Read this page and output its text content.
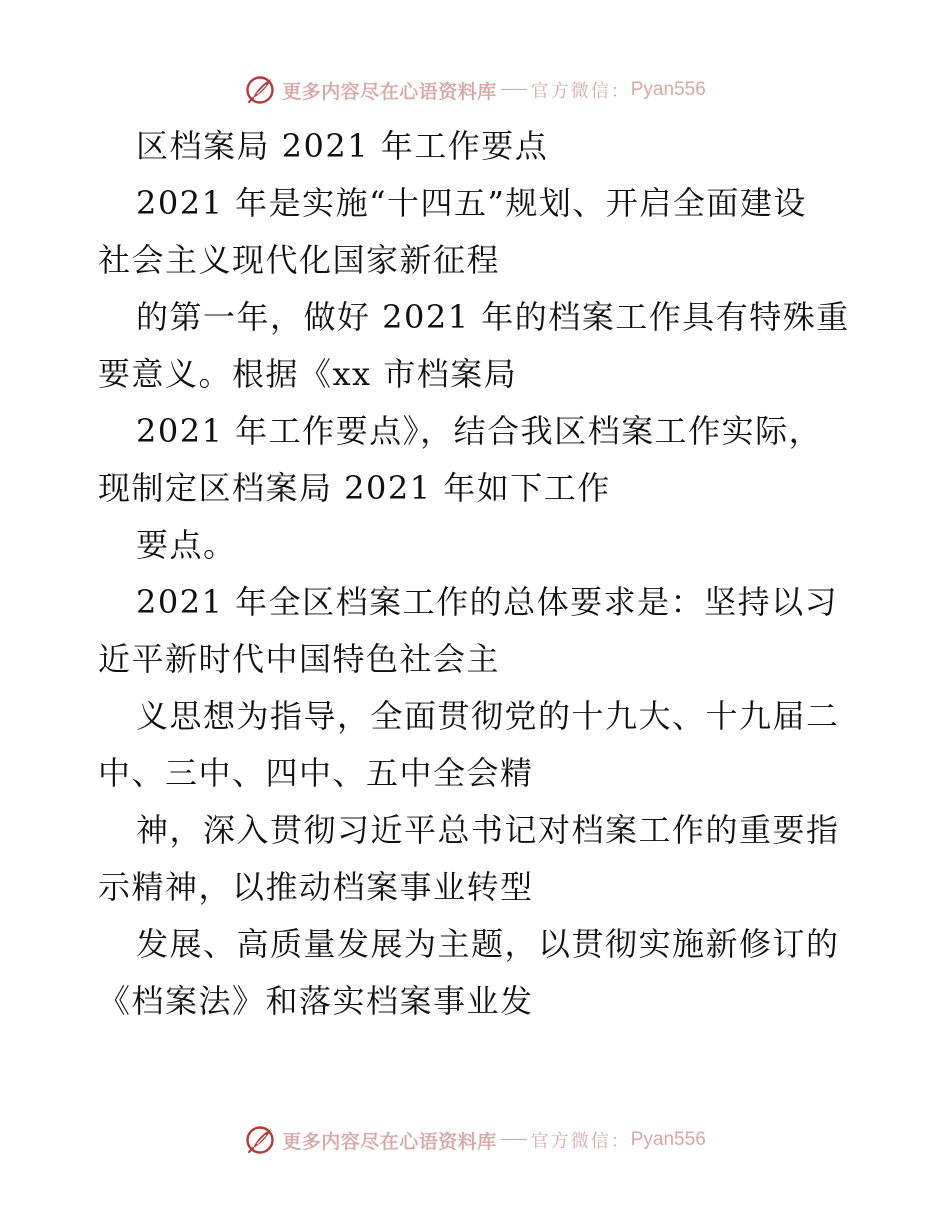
更多内容尽在心语资料库 官方微信： Pyan556
区档案局 2021 年工作要点
2021 年是实施“十四五”规划、开启全面建设
社会主义现代化国家新征程
的第一年，做好 2021 年的档案工作具有特殊重
要意义。根据《xx 市档案局
2021 年工作要点》，结合我区档案工作实际，
现制定区档案局 2021 年如下工作
要点。
2021 年全区档案工作的总体要求是：坚持以习
近平新时代中国特色社会主
义思想为指导，全面贯彻党的十九大、十九届二
中、三中、四中、五中全会精
神，深入贯彻习近平总书记对档案工作的重要指
示精神，以推动档案事业转型
发展、高质量发展为主题，以贯彻实施新修订的
《档案法》和落实档案事业发
更多内容尽在心语资料库 官方微信： Pyan556
